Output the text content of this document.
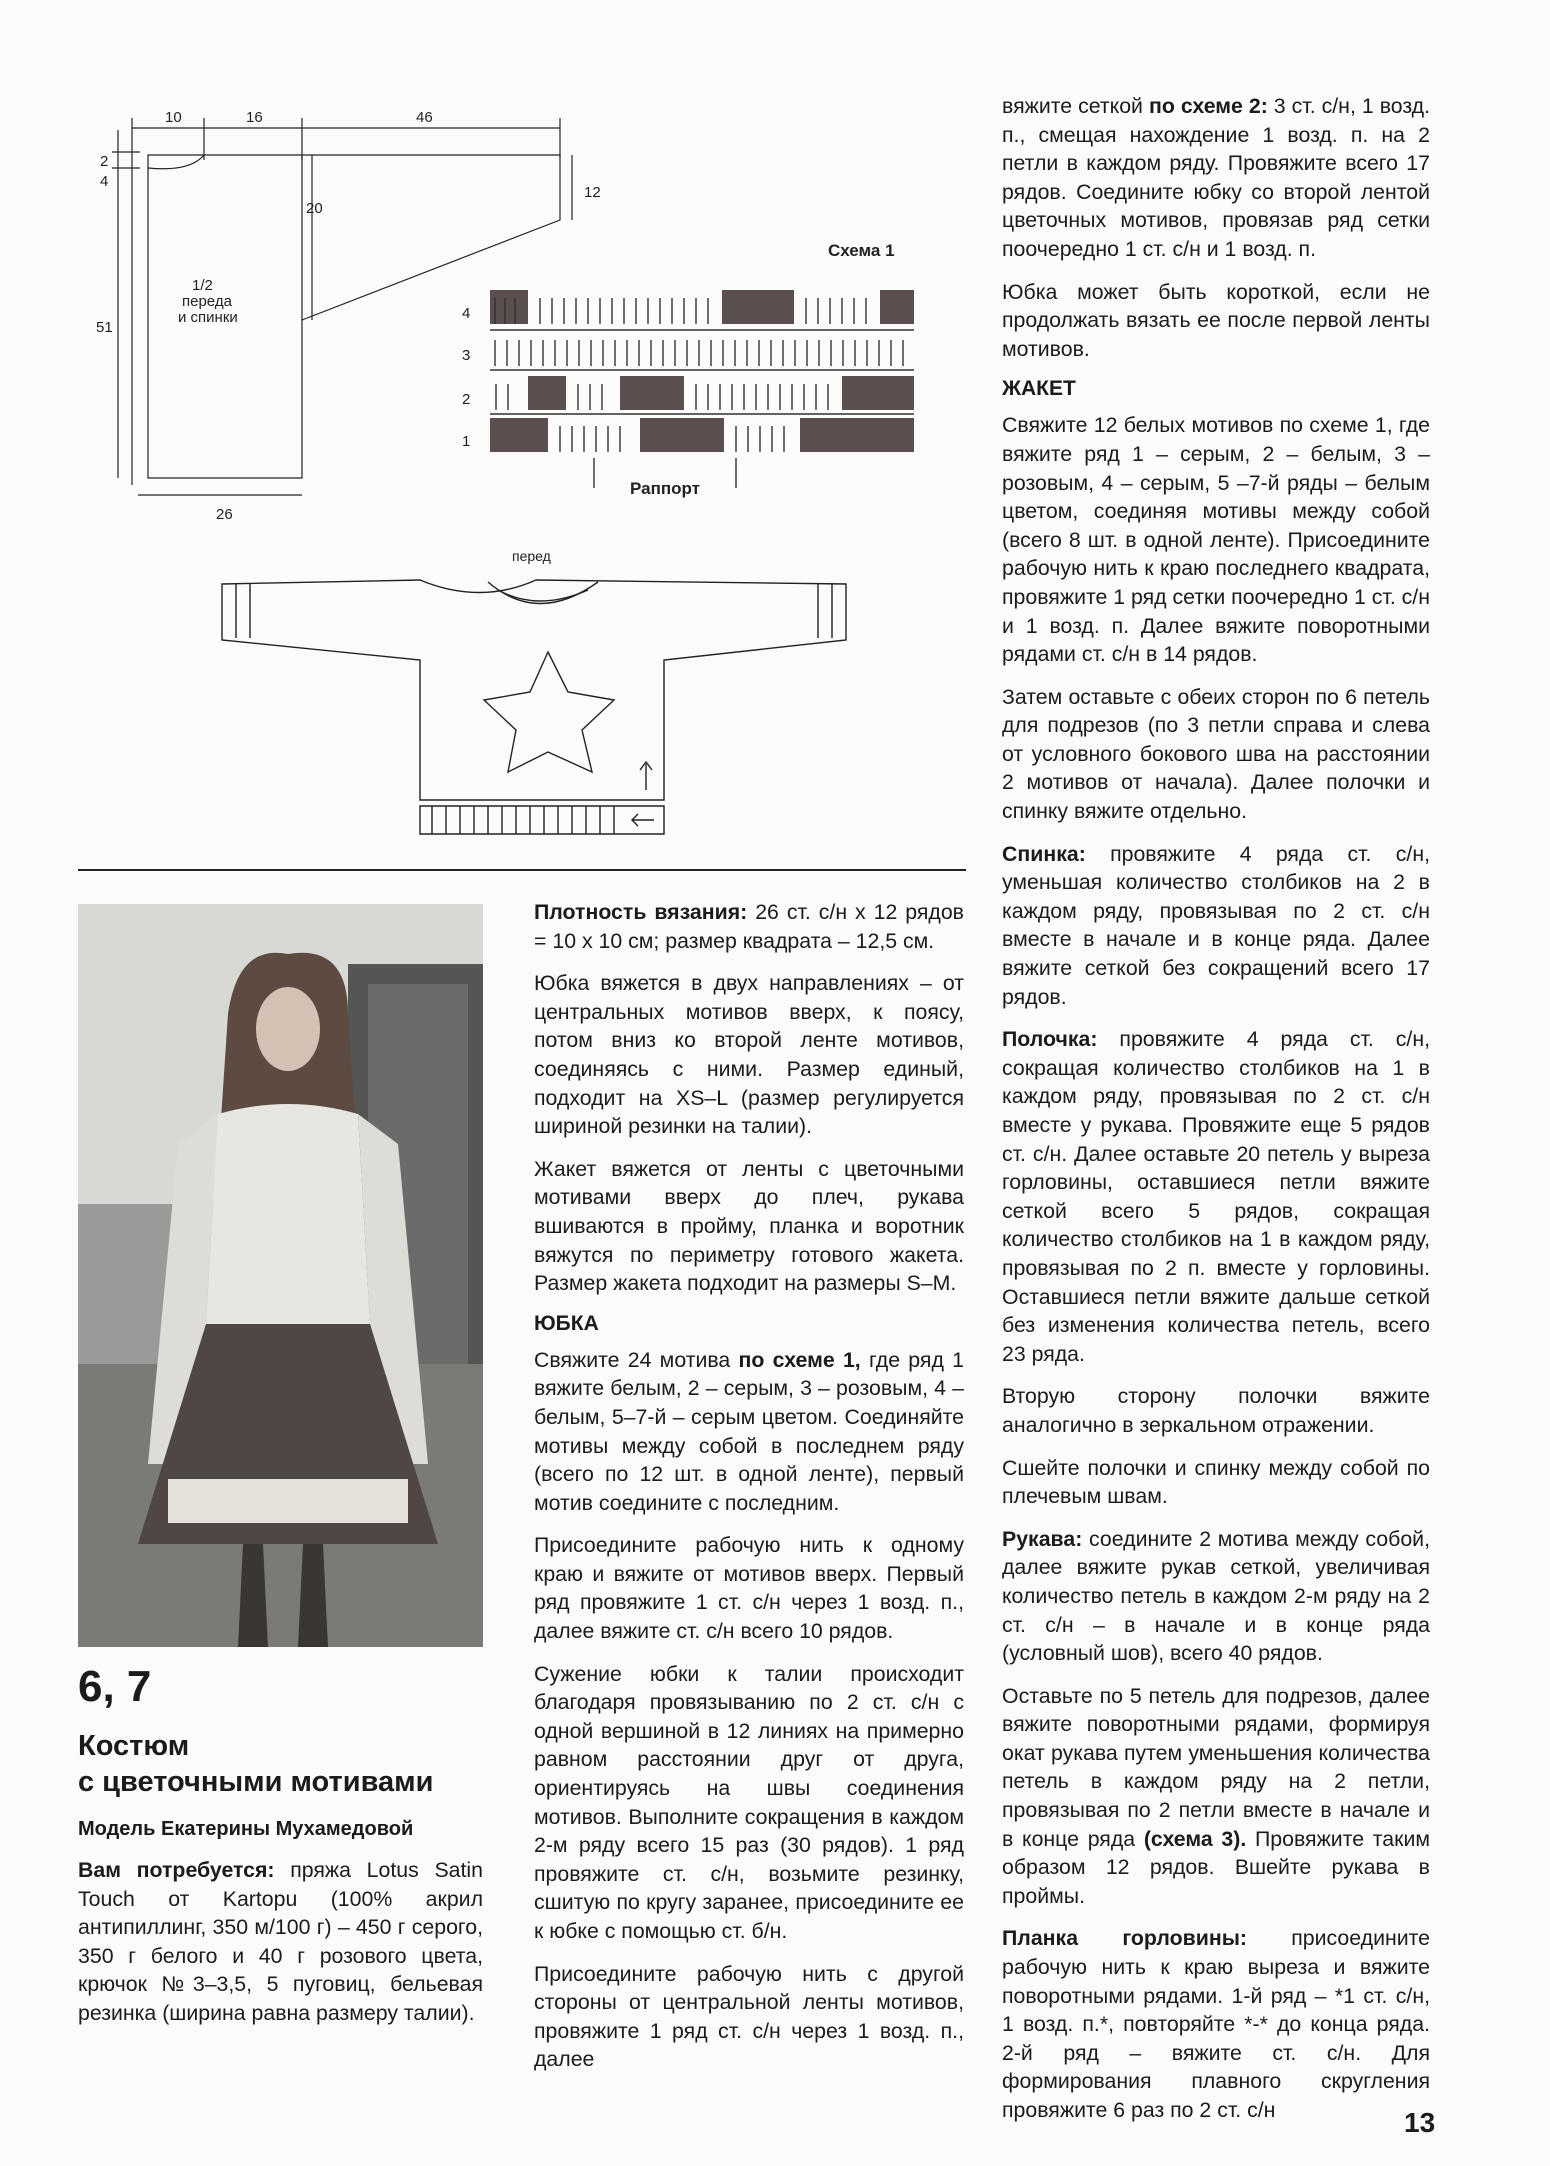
10	16	46
2
4
12
20
51
26
1/2
переда
и спинки
Схема 1
4
3
2
1
Раппорт
перед
6, 7
Костюм
с цветочными мотивами
Модель Екатерины Мухамедовой

Вам потребуется: пряжа Lotus Satin Touch от Kartopu (100% акрил антипиллинг, 350 м/100 г) – 450 г серого, 350 г белого и 40 г розового цвета, крючок №3–3,5, 5 пуговиц, бельевая резинка (ширина равна размеру талии).

Плотность вязания: 26 ст. с/н х 12 рядов = 10 х 10 см; размер квадрата – 12,5 см.

Юбка вяжется в двух направлениях – от центральных мотивов вверх, к поясу, потом вниз ко второй ленте мотивов, соединяясь с ними. Размер единый, подходит на XS–L (размер регулируется шириной резинки на талии).

Жакет вяжется от ленты с цветочными мотивами вверх до плеч, рукава вшиваются в пройму, планка и воротник вяжутся по периметру готового жакета. Размер жакета подходит на размеры S–M.

ЮБКА

Свяжите 24 мотива по схеме 1, где ряд 1 вяжите белым, 2 – серым, 3 – розовым, 4 – белым, 5–7-й – серым цветом. Соединяйте мотивы между собой в последнем ряду (всего по 12 шт. в одной ленте), первый мотив соедините с последним.

Присоедините рабочую нить к одному краю и вяжите от мотивов вверх. Первый ряд провяжите 1 ст. с/н через 1 возд. п., далее вяжите ст. с/н всего 10 рядов.

Сужение юбки к талии происходит благодаря провязыванию по 2 ст. с/н с одной вершиной в 12 линиях на примерно равном расстоянии друг от друга, ориентируясь на швы соединения мотивов. Выполните сокращения в каждом 2-м ряду всего 15 раз (30 рядов). 1 ряд провяжите ст. с/н, возьмите резинку, сшитую по кругу заранее, присоедините ее к юбке с помощью ст. б/н.

Присоедините рабочую нить с другой стороны от центральной ленты мотивов, провяжите 1 ряд ст. с/н через 1 возд. п., далее

вяжите сеткой по схеме 2: 3 ст. с/н, 1 возд. п., смещая нахождение 1 возд. п. на 2 петли в каждом ряду. Провяжите всего 17 рядов. Соедините юбку со второй лентой цветочных мотивов, провязав ряд сетки поочередно 1 ст. с/н и 1 возд. п.

Юбка может быть короткой, если не продолжать вязать ее после первой ленты мотивов.

ЖАКЕТ

Свяжите 12 белых мотивов по схеме 1, где вяжите ряд 1 – серым, 2 – белым, 3 – розовым, 4 – серым, 5 –7-й ряды – белым цветом, соединяя мотивы между собой (всего 8 шт. в одной ленте). Присоедините рабочую нить к краю последнего квадрата, провяжите 1 ряд сетки поочередно 1 ст. с/н и 1 возд. п. Далее вяжите поворотными рядами ст. с/н в 14 рядов.

Затем оставьте с обеих сторон по 6 петель для подрезов (по 3 петли справа и слева от условного бокового шва на расстоянии 2 мотивов от начала). Далее полочки и спинку вяжите отдельно.

Спинка: провяжите 4 ряда ст. с/н, уменьшая количество столбиков на 2 в каждом ряду, провязывая по 2 ст. с/н вместе в начале и в конце ряда. Далее вяжите сеткой без сокращений всего 17 рядов.

Полочка: провяжите 4 ряда ст. с/н, сокращая количество столбиков на 1 в каждом ряду, провязывая по 2 ст. с/н вместе у рукава. Провяжите еще 5 рядов ст. с/н. Далее оставьте 20 петель у выреза горловины, оставшиеся петли вяжите сеткой всего 5 рядов, сокращая количество столбиков на 1 в каждом ряду, провязывая по 2 п. вместе у горловины. Оставшиеся петли вяжите дальше сеткой без изменения количества петель, всего 23 ряда.

Вторую сторону полочки вяжите аналогично в зеркальном отражении.

Сшейте полочки и спинку между собой по плечевым швам.

Рукава: соедините 2 мотива между собой, далее вяжите рукав сеткой, увеличивая количество петель в каждом 2-м ряду на 2 ст. с/н – в начале и в конце ряда (условный шов), всего 40 рядов.

Оставьте по 5 петель для подрезов, далее вяжите поворотными рядами, формируя окат рукава путем уменьшения количества петель в каждом ряду на 2 петли, провязывая по 2 петли вместе в начале и в конце ряда (схема 3). Провяжите таким образом 12 рядов. Вшейте рукава в проймы.

Планка горловины: присоедините рабочую нить к краю выреза и вяжите поворотными рядами. 1-й ряд – *1 ст. с/н, 1 возд. п.*, повторяйте *-* до конца ряда. 2-й ряд – вяжите ст. с/н. Для формирования плавного скругления провяжите 6 раз по 2 ст. с/н	13
